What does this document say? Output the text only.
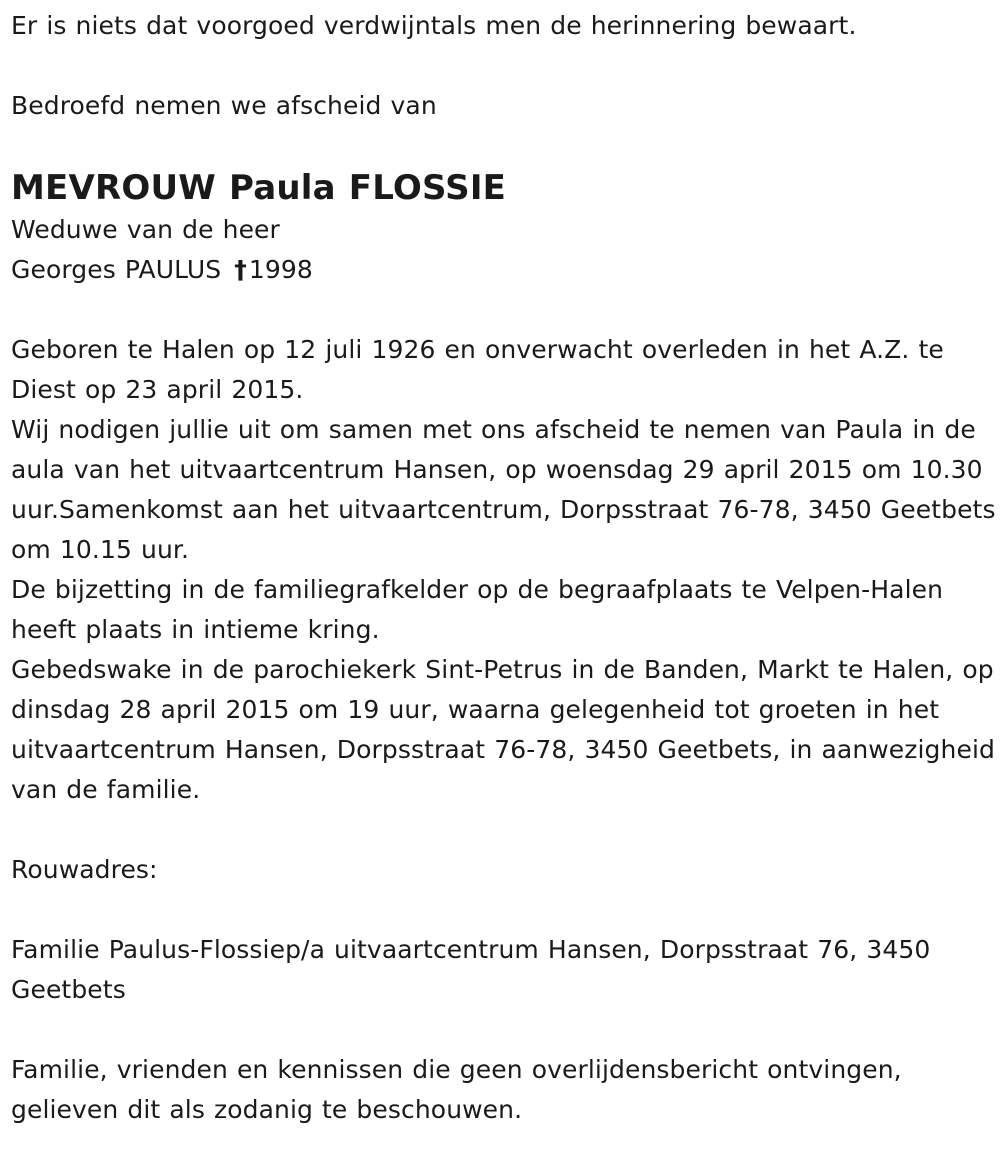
Er is niets dat voorgoed verdwijntals men de herinnering bewaart.

Bedroefd nemen we afscheid van

MEVROUW Paula FLOSSIE

Weduwe van de heer

Georges PAULUS †1998

Geboren te Halen op 12 juli 1926 en onverwacht overleden in het A.Z. te Diest op 23 april 2015.

Wij nodigen jullie uit om samen met ons afscheid te nemen van Paula in de aula van het uitvaartcentrum Hansen, op woensdag 29 april 2015 om 10.30 uur.Samenkomst aan het uitvaartcentrum, Dorpsstraat 76-78, 3450 Geetbets om 10.15 uur.

De bijzetting in de familiegrafkelder op de begraafplaats te Velpen-Halen heeft plaats in intieme kring.

Gebedswake in de parochiekerk Sint-Petrus in de Banden, Markt te Halen, op dinsdag 28 april 2015 om 19 uur, waarna gelegenheid tot groeten in het uitvaartcentrum Hansen, Dorpsstraat 76-78, 3450 Geetbets, in aanwezigheid van de familie.

Rouwadres:

Familie Paulus-Flossiep/a uitvaartcentrum Hansen, Dorpsstraat 76, 3450 Geetbets

Familie, vrienden en kennissen die geen overlijdensbericht ontvingen, gelieven dit als zodanig te beschouwen.
